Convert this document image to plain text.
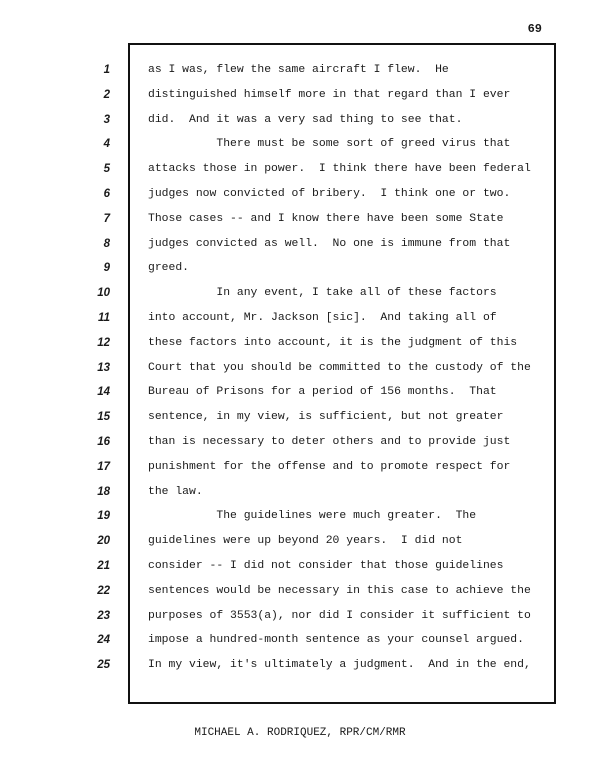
69
1
2
3
4
5
6
7
8
9
10
11
12
13
14
15
16
17
18
19
20
21
22
23
24
25
as I was, flew the same aircraft I flew.  He
distinguished himself more in that regard than I ever
did.  And it was a very sad thing to see that.
There must be some sort of greed virus that
attacks those in power.  I think there have been federal
judges now convicted of bribery.  I think one or two.
Those cases -- and I know there have been some State
judges convicted as well.  No one is immune from that
greed.
In any event, I take all of these factors
into account, Mr. Jackson [sic].  And taking all of
these factors into account, it is the judgment of this
Court that you should be committed to the custody of the
Bureau of Prisons for a period of 156 months.  That
sentence, in my view, is sufficient, but not greater
than is necessary to deter others and to provide just
punishment for the offense and to promote respect for
the law.
The guidelines were much greater.  The
guidelines were up beyond 20 years.  I did not
consider -- I did not consider that those guidelines
sentences would be necessary in this case to achieve the
purposes of 3553(a), nor did I consider it sufficient to
impose a hundred-month sentence as your counsel argued.
In my view, it's ultimately a judgment.  And in the end,
MICHAEL A. RODRIQUEZ, RPR/CM/RMR
